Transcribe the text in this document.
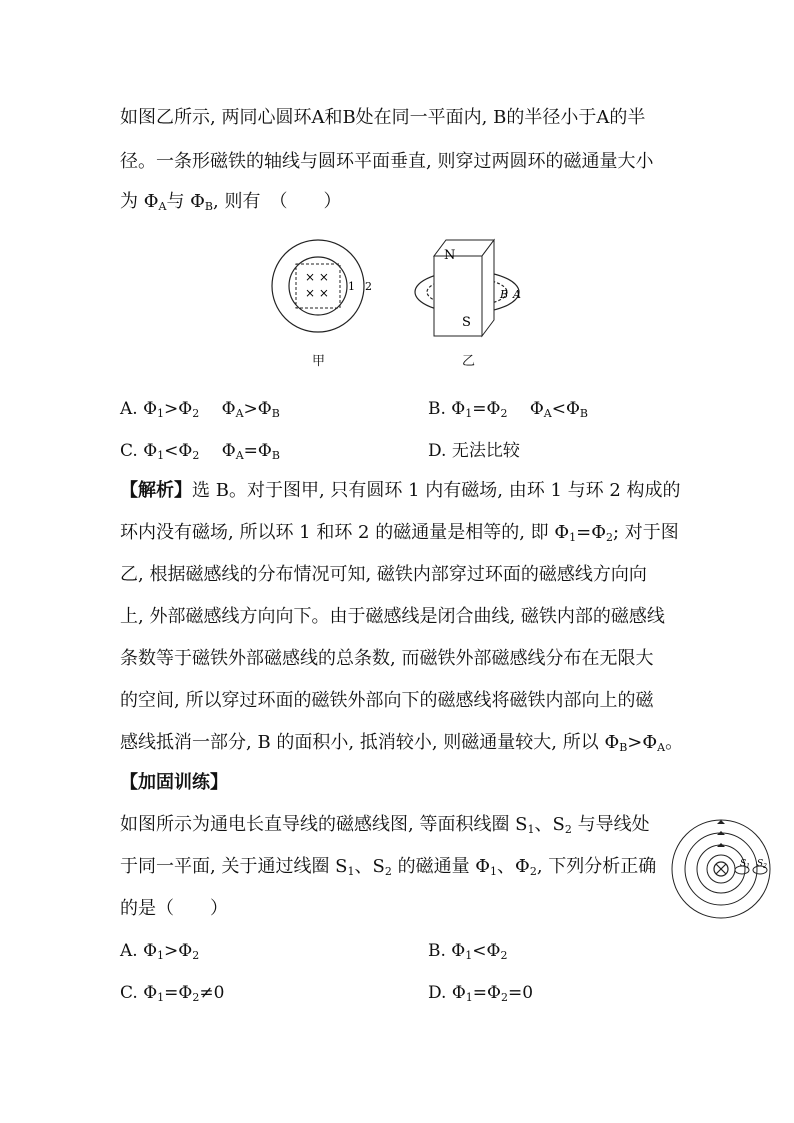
如图乙所示, 两同心圆环A和B处在同一平面内, B的半径小于A的半
径。一条形磁铁的轴线与圆环平面垂直, 则穿过两圆环的磁通量大小
为 $\Phi_A$与 $\Phi_B$, 则有　（　　）
× ×
× × 1 2
甲
N
S
B A
乙
A. $\Phi_1>\Phi_2$　 $\Phi_A>\Phi_B$	B. $\Phi_1=\Phi_2$　 $\Phi_A<\Phi_B$
C. $\Phi_1<\Phi_2$　 $\Phi_A=\Phi_B$	D. 无法比较
【解析】选 B。对于图甲, 只有圆环 1 内有磁场, 由环 1 与环 2 构成的
环内没有磁场, 所以环 1 和环 2 的磁通量是相等的, 即 $\Phi_1=\Phi_2$; 对于图
乙, 根据磁感线的分布情况可知, 磁铁内部穿过环面的磁感线方向向
上, 外部磁感线方向向下。由于磁感线是闭合曲线, 磁铁内部的磁感线
条数等于磁铁外部磁感线的总条数, 而磁铁外部磁感线分布在无限大
的空间, 所以穿过环面的磁铁外部向下的磁感线将磁铁内部向上的磁
感线抵消一部分, B 的面积小, 抵消较小, 则磁通量较大, 所以 $\Phi_B>\Phi_A$。
【加固训练】
如图所示为通电长直导线的磁感线图, 等面积线圈 $S_1$、$S_2$ 与导线处
于同一平面, 关于通过线圈 $S_1$、$S_2$ 的磁通量 $\Phi_1$、$\Phi_2$, 下列分析正确
的是（　　）
$S_1$ $S_2$
A. $\Phi_1>\Phi_2$	B. $\Phi_1<\Phi_2$
C. $\Phi_1=\Phi_2\ne 0$	D. $\Phi_1=\Phi_2=0$
